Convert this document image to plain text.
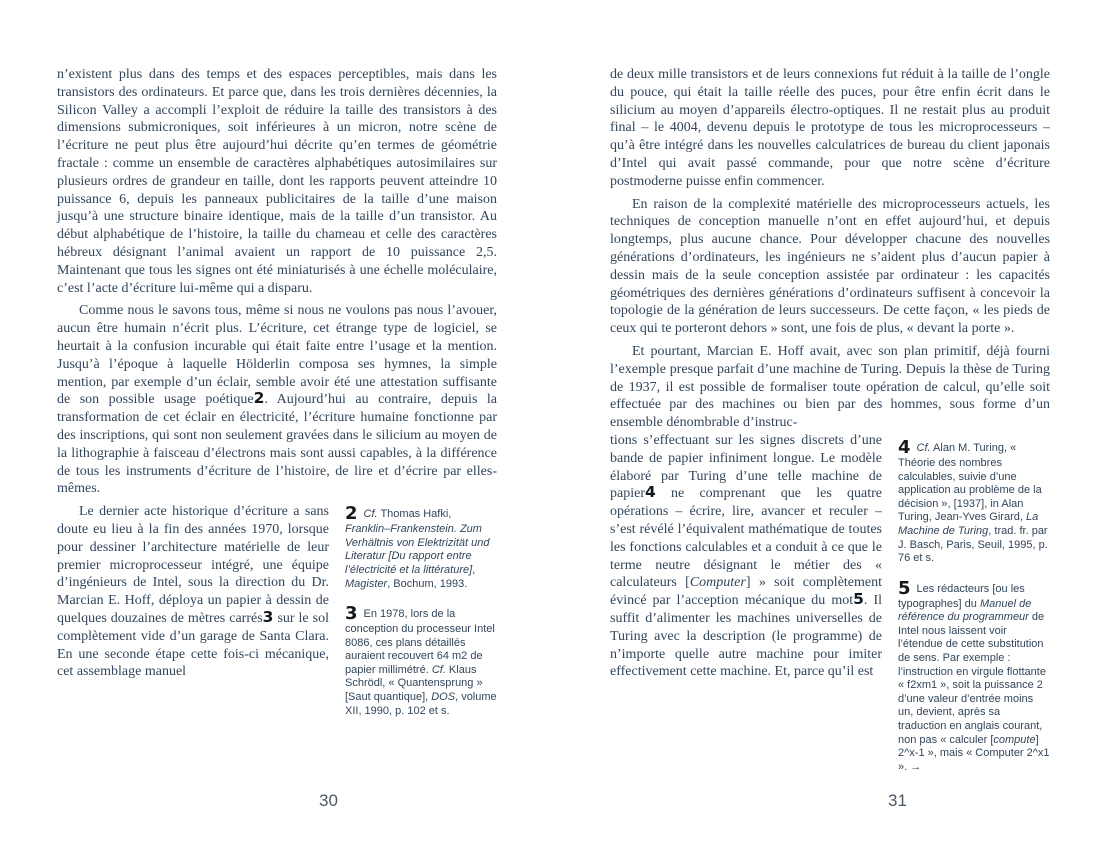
n’existent plus dans des temps et des espaces perceptibles, mais dans les transistors des ordinateurs. Et parce que, dans les trois dernières décennies, la Silicon Valley a accompli l’exploit de réduire la taille des transistors à des dimensions submicroniques, soit inférieures à un micron, notre scène de l’écriture ne peut plus être aujourd’hui décrite qu’en termes de géométrie fractale : comme un ensemble de caractères alphabétiques autosimilaires sur plusieurs ordres de grandeur en taille, dont les rapports peuvent atteindre 10 puissance 6, depuis les panneaux publicitaires de la taille d’une maison jusqu’à une structure binaire identique, mais de la taille d’un transistor. Au début alphabétique de l’histoire, la taille du chameau et celle des caractères hébreux désignant l’animal avaient un rapport de 10 puissance 2,5. Maintenant que tous les signes ont été miniaturisés à une échelle moléculaire, c’est l’acte d’écriture lui-même qui a disparu.

Comme nous le savons tous, même si nous ne voulons pas nous l’avouer, aucun être humain n’écrit plus. L’écriture, cet étrange type de logiciel, se heurtait à la confusion incurable qui était faite entre l’usage et la mention. Jusqu’à l’époque à laquelle Hölderlin composa ses hymnes, la simple mention, par exemple d’un éclair, semble avoir été une attestation suffisante de son possible usage poétique2. Aujourd’hui au contraire, depuis la transformation de cet éclair en électricité, l’écriture humaine fonctionne par des inscriptions, qui sont non seulement gravées dans le silicium au moyen de la lithographie à faisceau d’électrons mais sont aussi capables, à la différence de tous les instruments d’écriture de l’histoire, de lire et d’écrire par elles-mêmes.

Le dernier acte historique d’écriture a sans doute eu lieu à la fin des années 1970, lorsque pour dessiner l’architecture matérielle de leur premier microprocesseur intégré, une équipe d’ingénieurs de Intel, sous la direction du Dr. Marcian E. Hoff, déploya un papier à dessin de quelques douzaines de mètres carrés3 sur le sol complètement vide d’un garage de Santa Clara. En une seconde étape cette fois-ci mécanique, cet assemblage manuel

2 Cf. Thomas Hafki, Franklin–Frankenstein. Zum Verhältnis von Elektrizität und Literatur [Du rapport entre l’électricité et la littérature], Magister, Bochum, 1993.
3 En 1978, lors de la conception du processeur Intel 8086, ces plans détaillés auraient recouvert 64 m2 de papier millimétré. Cf. Klaus Schrödl, « Quantensprung » [Saut quantique], DOS, volume XII, 1990, p. 102 et s.

de deux mille transistors et de leurs connexions fut réduit à la taille de l’ongle du pouce, qui était la taille réelle des puces, pour être enfin écrit dans le silicium au moyen d’appareils électro-optiques. Il ne restait plus au produit final – le 4004, devenu depuis le prototype de tous les microprocesseurs – qu’à être intégré dans les nouvelles calculatrices de bureau du client japonais d’Intel qui avait passé commande, pour que notre scène d’écriture postmoderne puisse enfin commencer.

En raison de la complexité matérielle des microprocesseurs actuels, les techniques de conception manuelle n’ont en effet aujourd’hui, et depuis longtemps, plus aucune chance. Pour développer chacune des nouvelles générations d’ordinateurs, les ingénieurs ne s’aident plus d’aucun papier à dessin mais de la seule conception assistée par ordinateur : les capacités géométriques des dernières générations d’ordinateurs suffisent à concevoir la topologie de la génération de leurs successeurs. De cette façon, « les pieds de ceux qui te porteront dehors » sont, une fois de plus, « devant la porte ».

Et pourtant, Marcian E. Hoff avait, avec son plan primitif, déjà fourni l’exemple presque parfait d’une machine de Turing. Depuis la thèse de Turing de 1937, il est possible de formaliser toute opération de calcul, qu’elle soit effectuée par des machines ou bien par des hommes, sous forme d’un ensemble dénombrable d’instruc-

tions s’effectuant sur les signes discrets d’une bande de papier infiniment longue. Le modèle élaboré par Turing d’une telle machine de papier4 ne comprenant que les quatre opérations – écrire, lire, avancer et reculer – s’est révélé l’équivalent mathématique de toutes les fonctions calculables et a conduit à ce que le terme neutre désignant le métier des « calculateurs [Computer] » soit complètement évincé par l’acception mécanique du mot5. Il suffit d’alimenter les machines universelles de Turing avec la description (le programme) de n’importe quelle autre machine pour imiter effectivement cette machine. Et, parce qu’il est

4 Cf. Alan M. Turing, « Théorie des nombres calculables, suivie d’une application au problème de la décision », [1937], in Alan Turing, Jean-Yves Girard, La Machine de Turing, trad. fr. par J. Basch, Paris, Seuil, 1995, p. 76 et s.
5 Les rédacteurs [ou les typographes] du Manuel de référence du programmeur de Intel nous laissent voir l’étendue de cette substitution de sens. Par exemple : l’instruction en virgule flottante « f2xm1 », soit la puissance 2 d’une valeur d’entrée moins un, devient, après sa traduction en anglais courant, non pas « calculer [compute] 2^x-1 », mais « Computer 2^x1 ». →
30	31
